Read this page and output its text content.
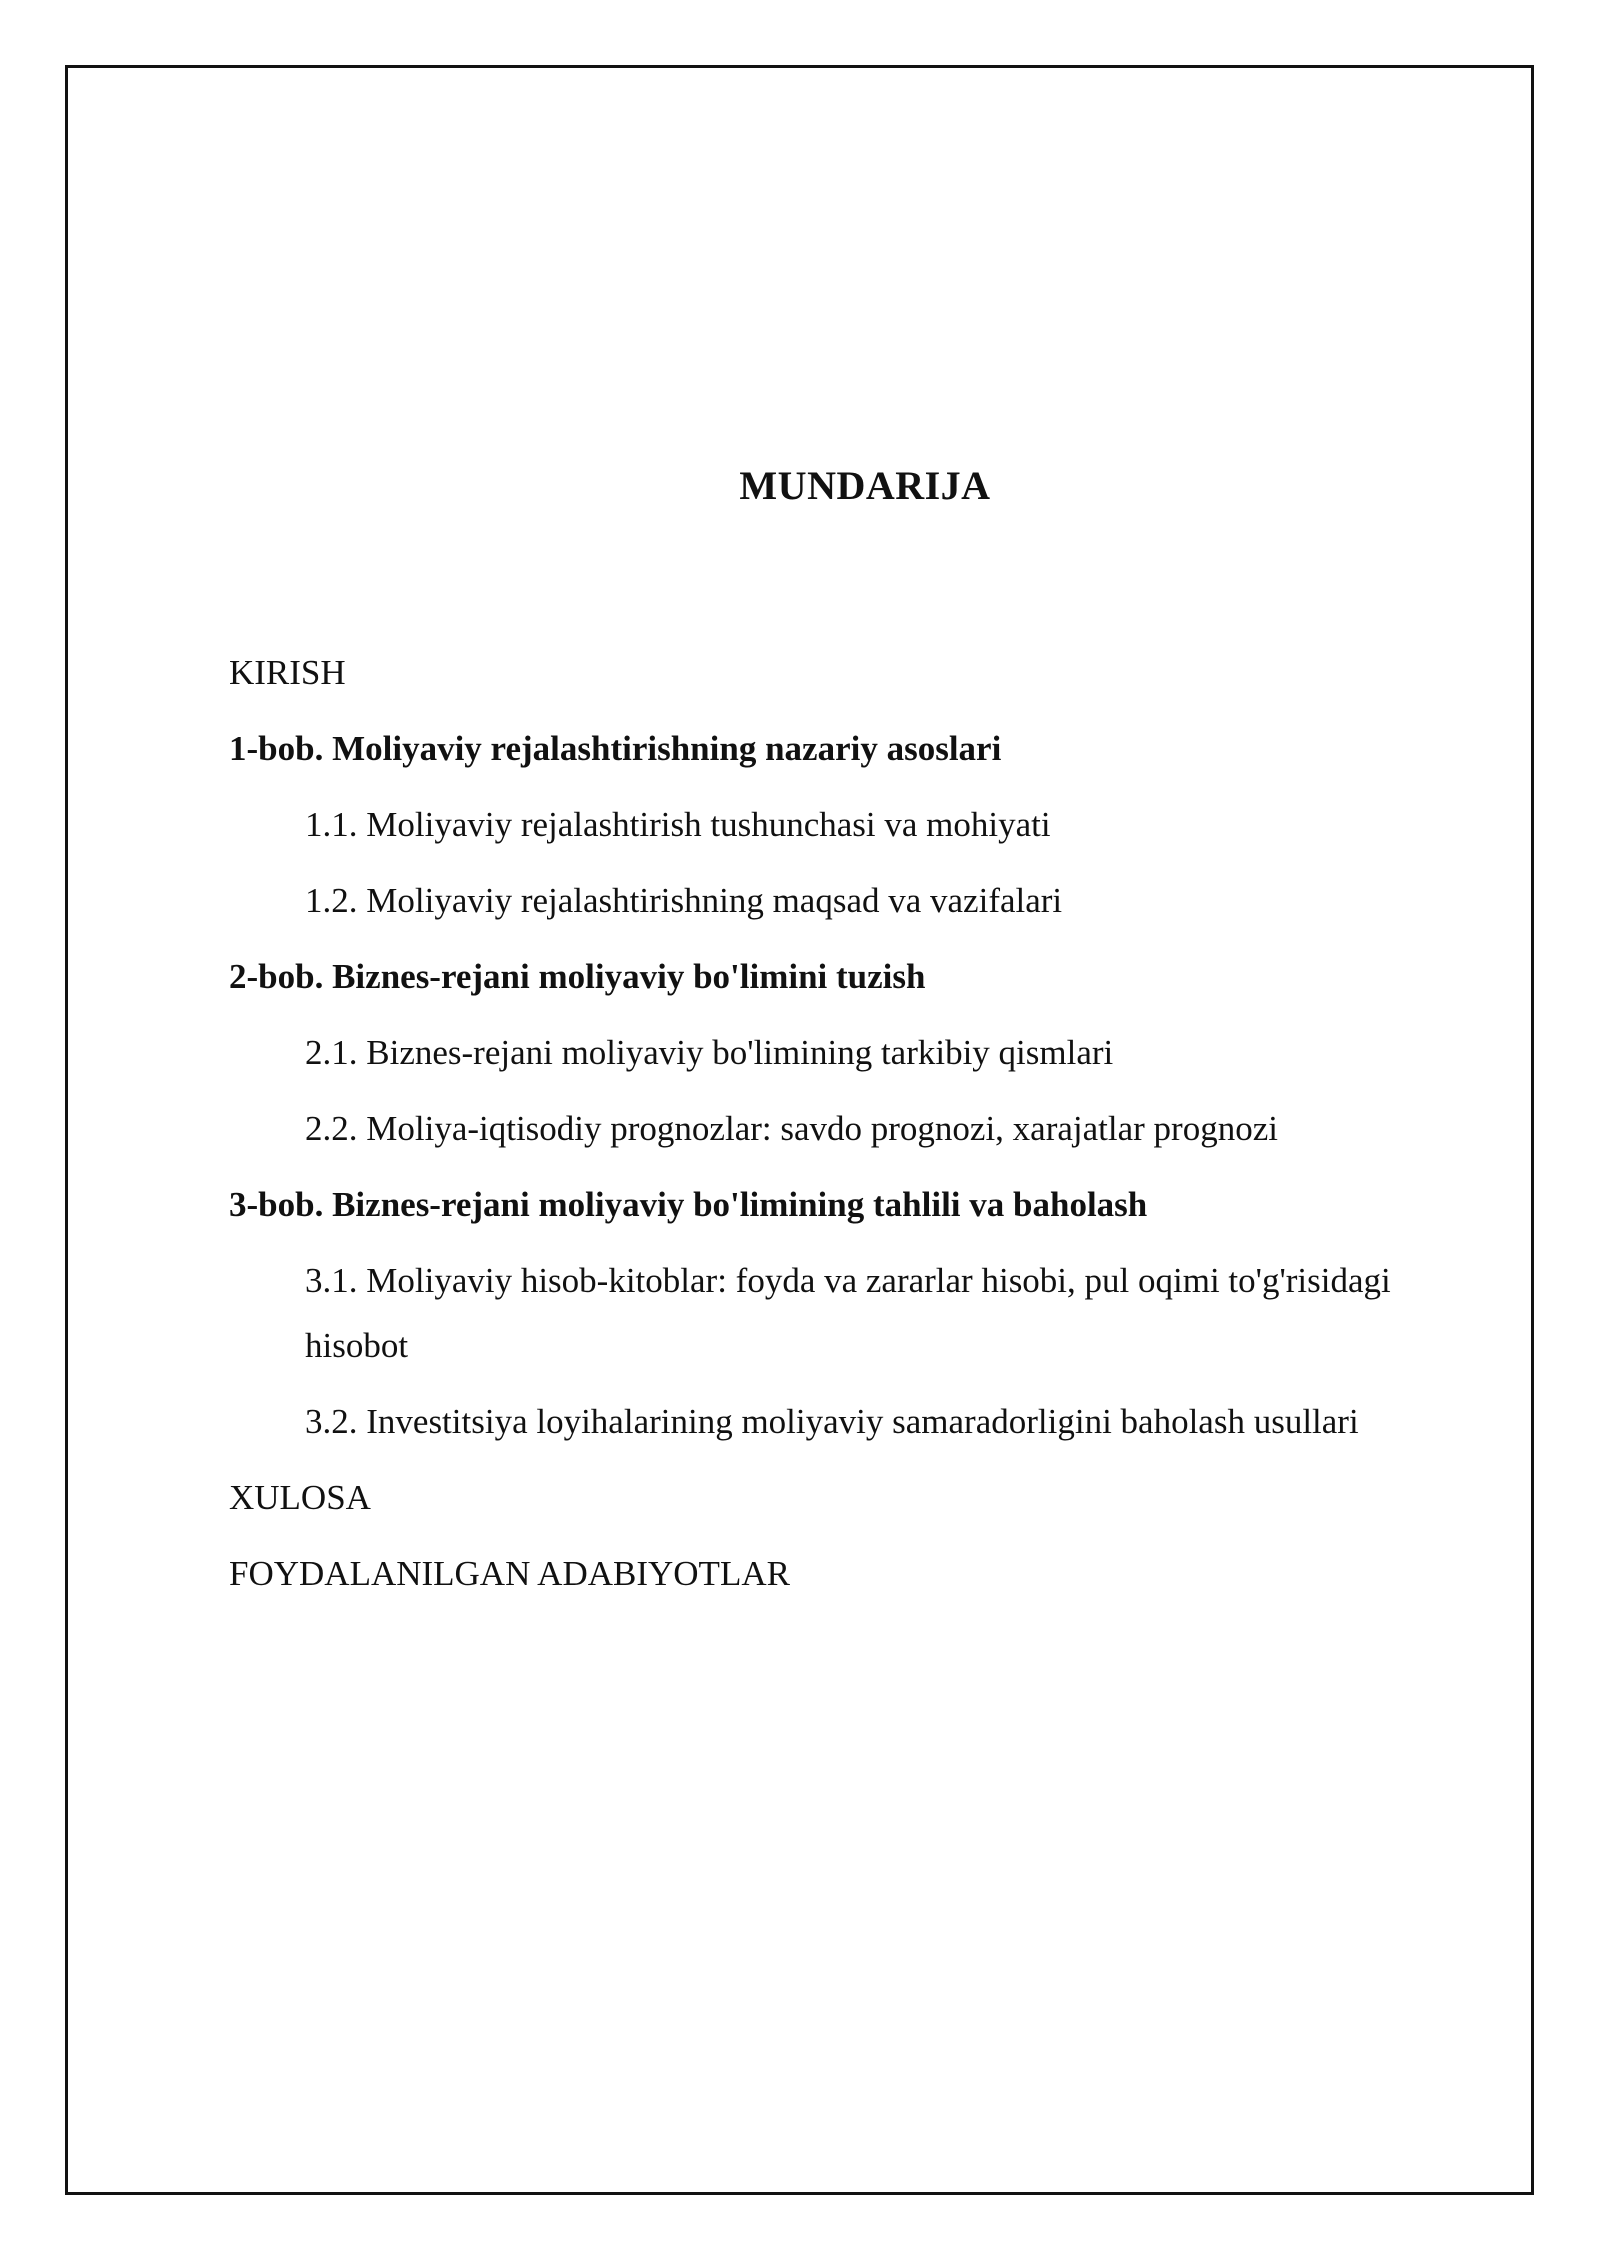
MUNDARIJA
KIRISH
1-bob. Moliyaviy rejalashtirishning nazariy asoslari
1.1. Moliyaviy rejalashtirish tushunchasi va mohiyati
1.2. Moliyaviy rejalashtirishning maqsad va vazifalari
2-bob. Biznes-rejani moliyaviy bo'limini tuzish
2.1. Biznes-rejani moliyaviy bo'limining tarkibiy qismlari
2.2. Moliya-iqtisodiy prognozlar: savdo prognozi, xarajatlar prognozi
3-bob. Biznes-rejani moliyaviy bo'limining tahlili va baholash
3.1. Moliyaviy hisob-kitoblar: foyda va zararlar hisobi, pul oqimi to'g'risidagi hisobot
3.2. Investitsiya loyihalarining moliyaviy samaradorligini baholash usullari
XULOSA
FOYDALANILGAN ADABIYOTLAR
